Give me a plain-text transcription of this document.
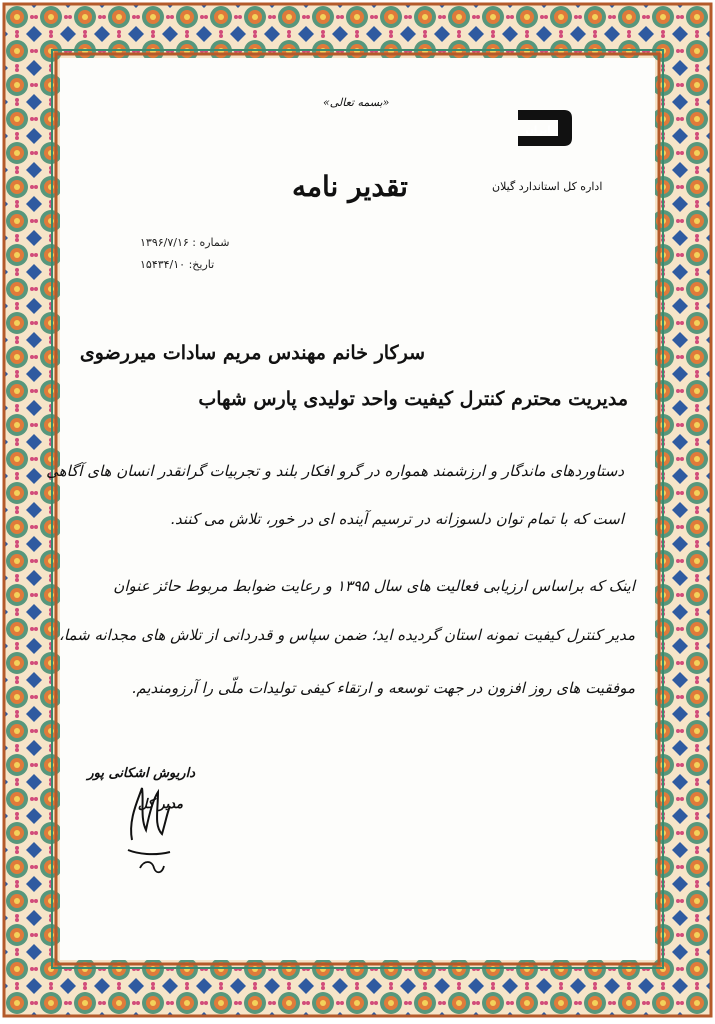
«بسمه تعالی»
ایران
اداره کل استاندارد گیلان
تقدیر نامه
شماره : ۱۳۹۶/۷/۱۶
تاریخ: ۱۵۴۳۴/۱۰
سرکار خانم مهندس مریم سادات میررضوی
مدیریت محترم کنترل کیفیت واحد تولیدی پارس شهاب
دستاوردهای ماندگار و ارزشمند همواره در گرو افکار بلند و تجربیات گرانقدر انسان های آگاهی
است که با تمام توان دلسوزانه در ترسیم آینده ای در خور، تلاش می کنند.
اینک که براساس ارزیابی فعالیت های سال ۱۳۹۵ و رعایت ضوابط مربوط حائز عنوان
مدیر کنترل کیفیت نمونه استان گردیده اید؛ ضمن سپاس و قدردانی از تلاش های مجدانه شما،
موفقیت های روز افزون در جهت توسعه و ارتقاء کیفی تولیدات ملّی را آرزومندیم.
داریوش اشکانی پور
مدیر کل
